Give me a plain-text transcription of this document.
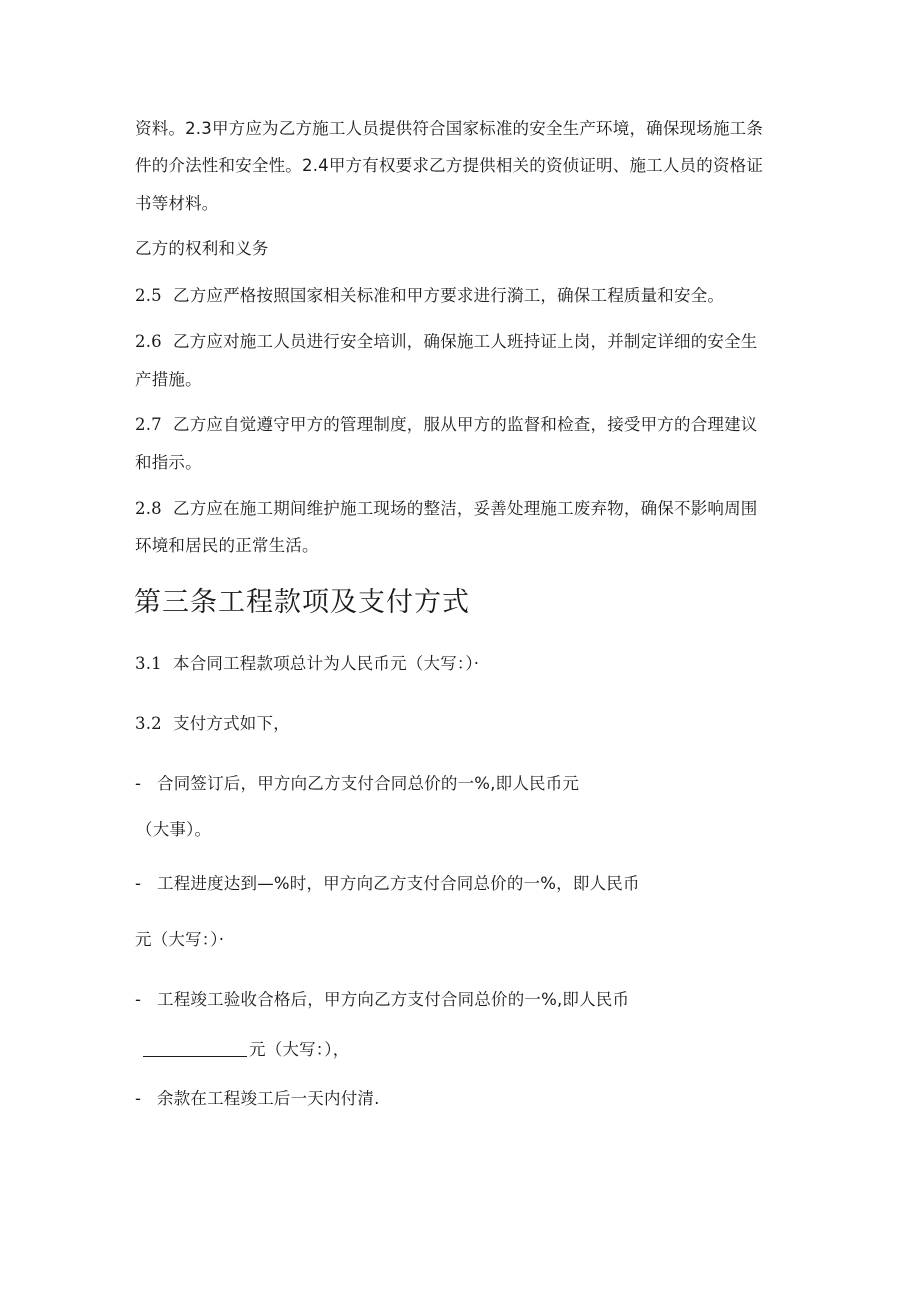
资料。2.3甲方应为乙方施工人员提供符合国家标准的安全生产环境，确保现场施工条
件的介法性和安全性。2.4甲方有权要求乙方提供相关的资侦证明、施工人员的资格证
书等材料。
乙方的权利和义务
2.5 乙方应严格按照国家相关标准和甲方要求进行漪工，确保工程质量和安全。
2.6 乙方应对施工人员进行安全培训，确保施工人班持证上岗，并制定详细的安全生
产措施。
2.7 乙方应自觉遵守甲方的管理制度，服从甲方的监督和检查，接受甲方的合理建议
和指示。
2.8 乙方应在施工期间维护施工现场的整洁，妥善处理施工废弃物，确保不影响周围
环境和居民的正常生活。
第三条工程款项及支付方式
3.1 本合同工程款项总计为人民币元（大写：）·
3.2 支付方式如下，
- 合同签订后，甲方向乙方支付合同总价的一%,即人民币元
（大事）。
- 工程进度达到—%时，甲方向乙方支付合同总价的一%，即人民币
元（大写：）·
- 工程竣工验收合格后，甲方向乙方支付合同总价的一%,即人民币
元（大写：），
- 余款在工程竣工后一天内付清.
